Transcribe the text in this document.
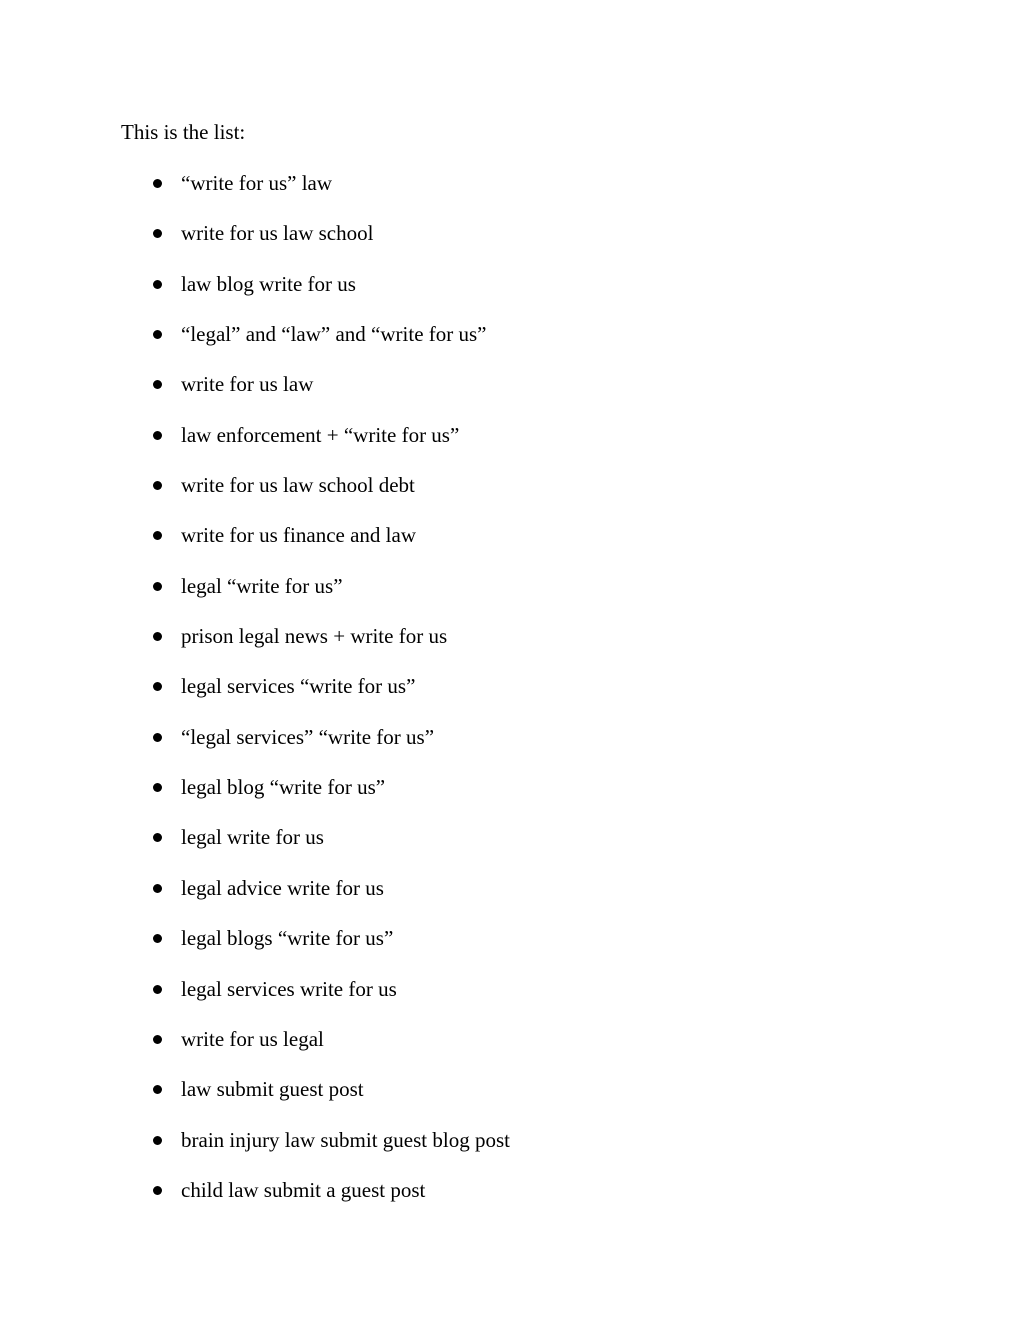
This is the list:

“write for us” law
write for us law school
law blog write for us
“legal” and “law” and “write for us”
write for us law
law enforcement + “write for us”
write for us law school debt
write for us finance and law
legal “write for us”
prison legal news + write for us
legal services “write for us”
“legal services” “write for us”
legal blog “write for us”
legal write for us
legal advice write for us
legal blogs “write for us”
legal services write for us
write for us legal
law submit guest post
brain injury law submit guest blog post
child law submit a guest post
